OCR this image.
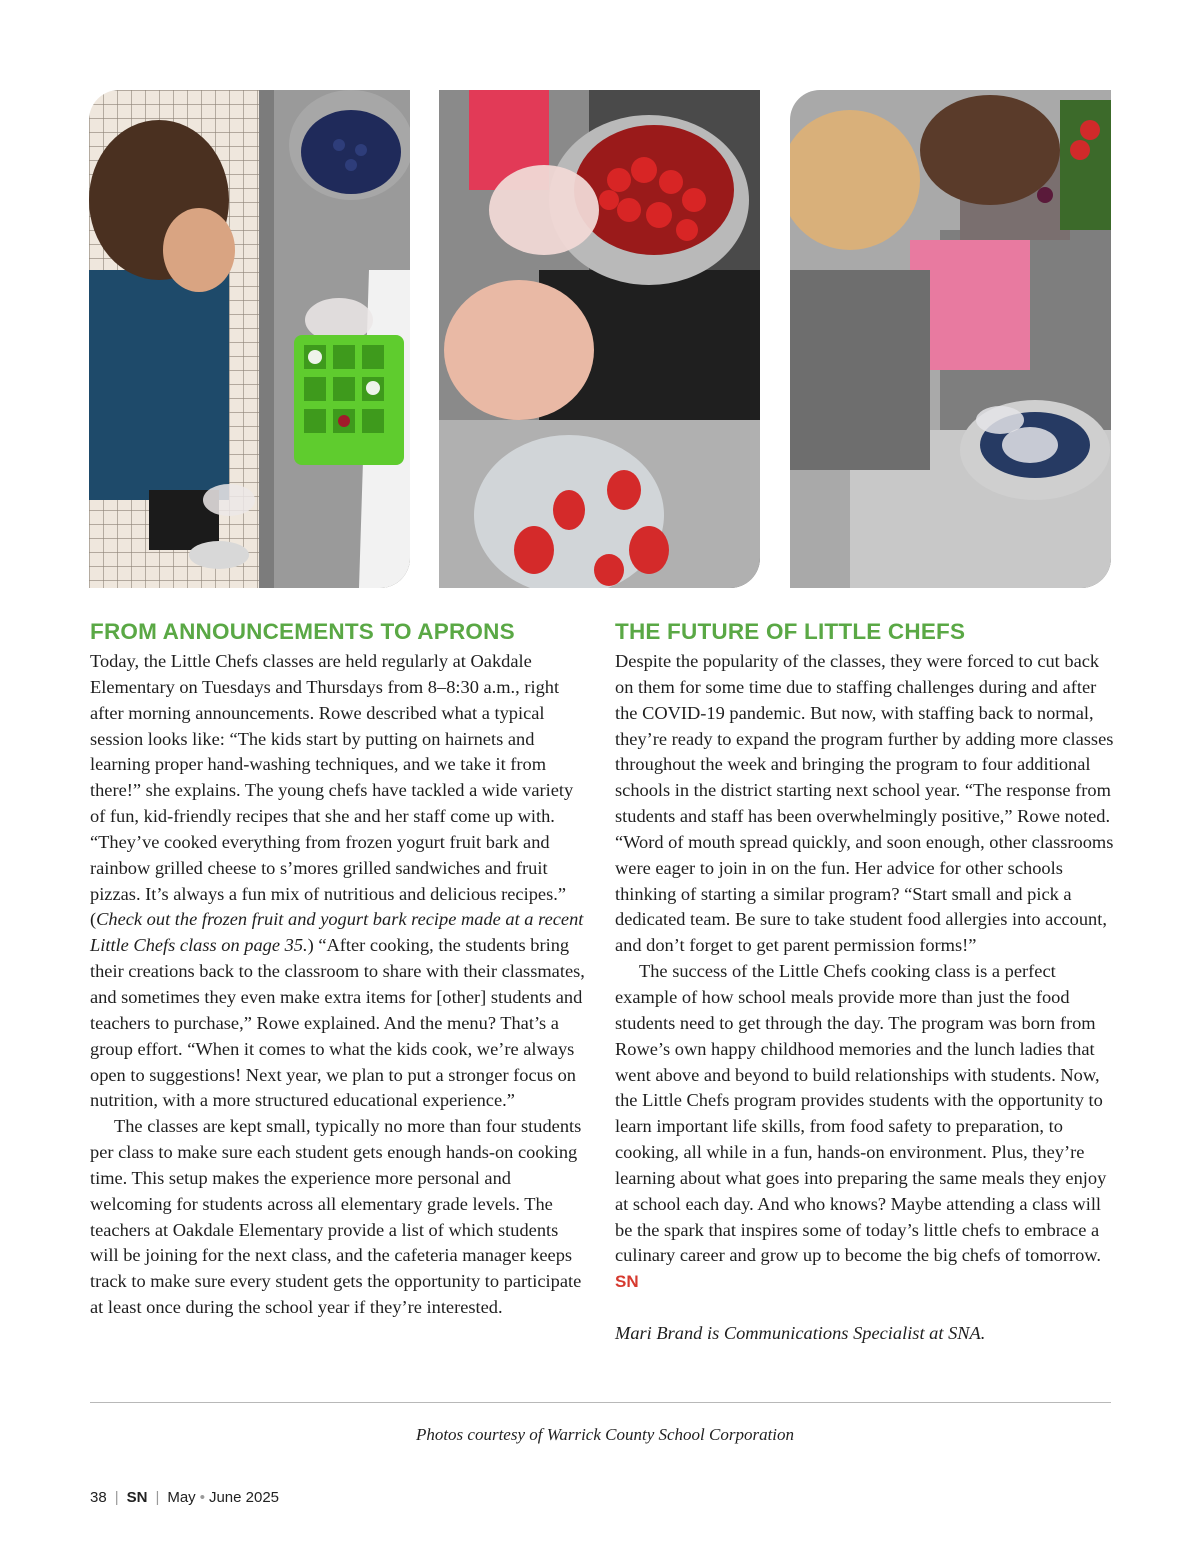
FROM ANNOUNCEMENTS TO APRONS

Today, the Little Chefs classes are held regularly at Oakdale Elementary on Tuesdays and Thursdays from 8–8:30 a.m., right after morning announcements. Rowe described what a typical session looks like: “The kids start by putting on hairnets and learning proper hand-washing techniques, and we take it from there!” she explains. The young chefs have tackled a wide variety of fun, kid-friendly recipes that she and her staff come up with. “They’ve cooked everything from frozen yogurt fruit bark and rainbow grilled cheese to s’mores grilled sandwiches and fruit pizzas. It’s always a fun mix of nutritious and delicious recipes.” (Check out the frozen fruit and yogurt bark recipe made at a recent Little Chefs class on page 35.) “After cooking, the students bring their creations back to the classroom to share with their classmates, and sometimes they even make extra items for [other] students and teachers to purchase,” Rowe explained. And the menu? That’s a group effort. “When it comes to what the kids cook, we’re always open to suggestions! Next year, we plan to put a stronger focus on nutrition, with a more structured educational experience.”

The classes are kept small, typically no more than four students per class to make sure each student gets enough hands-on cooking time. This setup makes the experience more personal and welcoming for students across all elementary grade levels. The teachers at Oakdale Elementary provide a list of which students will be joining for the next class, and the cafeteria manager keeps track to make sure every student gets the opportunity to participate at least once during the school year if they’re interested.

THE FUTURE OF LITTLE CHEFS

Despite the popularity of the classes, they were forced to cut back on them for some time due to staffing challenges during and after the COVID-19 pandemic. But now, with staffing back to normal, they’re ready to expand the program further by adding more classes throughout the week and bringing the program to four additional schools in the district starting next school year. “The response from students and staff has been overwhelmingly positive,” Rowe noted. “Word of mouth spread quickly, and soon enough, other classrooms were eager to join in on the fun. Her advice for other schools thinking of starting a similar program? “Start small and pick a dedicated team. Be sure to take student food allergies into account, and don’t forget to get parent permission forms!”

The success of the Little Chefs cooking class is a perfect example of how school meals provide more than just the food students need to get through the day. The program was born from Rowe’s own happy childhood memories and the lunch ladies that went above and beyond to build relationships with students. Now, the Little Chefs program provides students with the opportunity to learn important life skills, from food safety to preparation, to cooking, all while in a fun, hands-on environment. Plus, they’re learning about what goes into preparing the same meals they enjoy at school each day. And who knows? Maybe attending a class will be the spark that inspires some of today’s little chefs to embrace a culinary career and grow up to become the big chefs of tomorrow. SN

Mari Brand is Communications Specialist at SNA.

Photos courtesy of Warrick County School Corporation
38 | SN | May • June 2025
